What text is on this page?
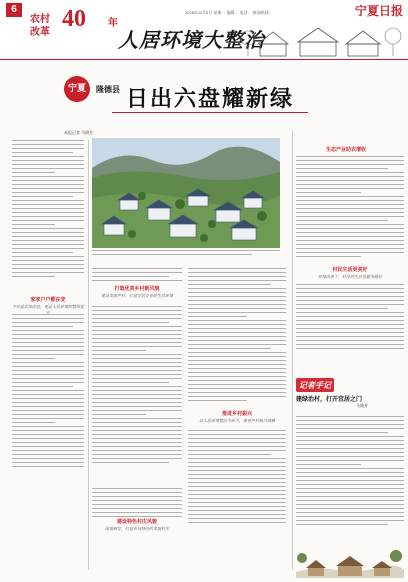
6
农村
改革
40 年
2018年11月5日 星期一 编辑： 电话： 新闻热线：	宁夏日报
人居环境大整治
宁夏	隆德县 日出六盘耀新绿
本报记者 马晓芳
家家户户都在变
不仅是农房改造，更是人居环境的整体提升
打造优美乡村新风貌
建设美丽乡村，打造宜居宜业的生活环境
建设特色村庄风貌
因地制宜，打造各具特色的美丽村庄
推进乡村振兴
以人居环境整治为抓手，推进乡村振兴战略
生态产业助农增收
村民生活更美好
环境改善了，村民的生活也越来越好
记者手记
建绿治村，打开宜居之门
马晓芳
